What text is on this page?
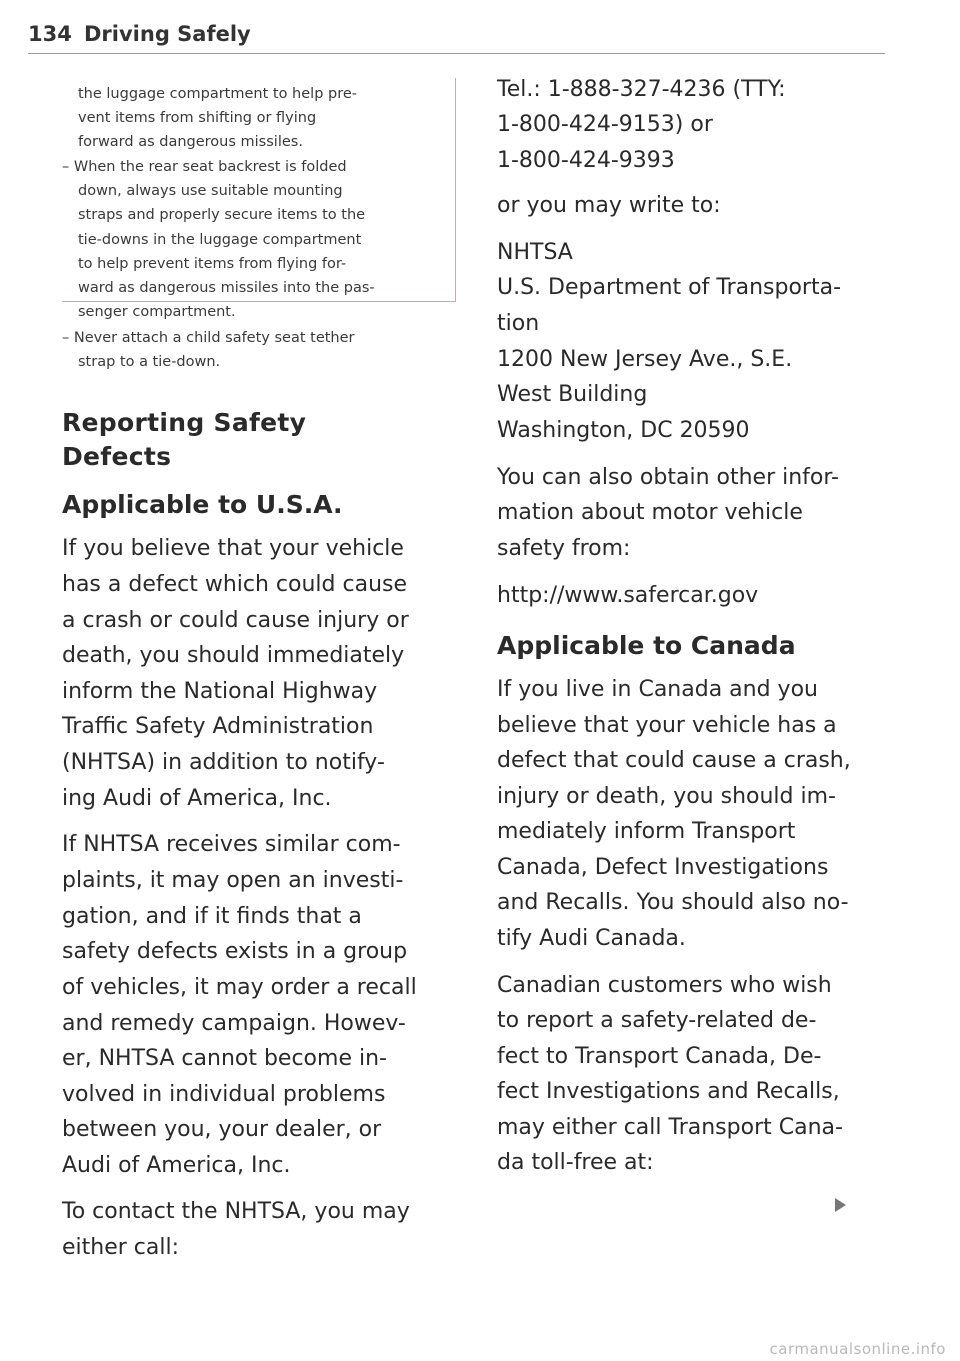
134 Driving Safely
the luggage compartment to help pre-
vent items from shifting or flying
forward as dangerous missiles.
– When the rear seat backrest is folded
down, always use suitable mounting
straps and properly secure items to the
tie-downs in the luggage compartment
to help prevent items from flying for-
ward as dangerous missiles into the pas-
senger compartment.
– Never attach a child safety seat tether
strap to a tie-down.
Reporting Safety
Defects
Applicable to U.S.A.
If you believe that your vehicle
has a defect which could cause
a crash or could cause injury or
death, you should immediately
inform the National Highway
Traffic Safety Administration
(NHTSA) in addition to notify-
ing Audi of America, Inc.
If NHTSA receives similar com-
plaints, it may open an investi-
gation, and if it finds that a
safety defects exists in a group
of vehicles, it may order a recall
and remedy campaign. Howev-
er, NHTSA cannot become in-
volved in individual problems
between you, your dealer, or
Audi of America, Inc.
To contact the NHTSA, you may
either call:
Tel.: 1-888-327-4236 (TTY:
1-800-424-9153) or
1-800-424-9393
or you may write to:
NHTSA
U.S. Department of Transporta-
tion
1200 New Jersey Ave., S.E.
West Building
Washington, DC 20590
You can also obtain other infor-
mation about motor vehicle
safety from:
http://www.safercar.gov
Applicable to Canada
If you live in Canada and you
believe that your vehicle has a
defect that could cause a crash,
injury or death, you should im-
mediately inform Transport
Canada, Defect Investigations
and Recalls. You should also no-
tify Audi Canada.
Canadian customers who wish
to report a safety-related de-
fect to Transport Canada, De-
fect Investigations and Recalls,
may either call Transport Cana-
da toll-free at:
carmanualsonline.info
